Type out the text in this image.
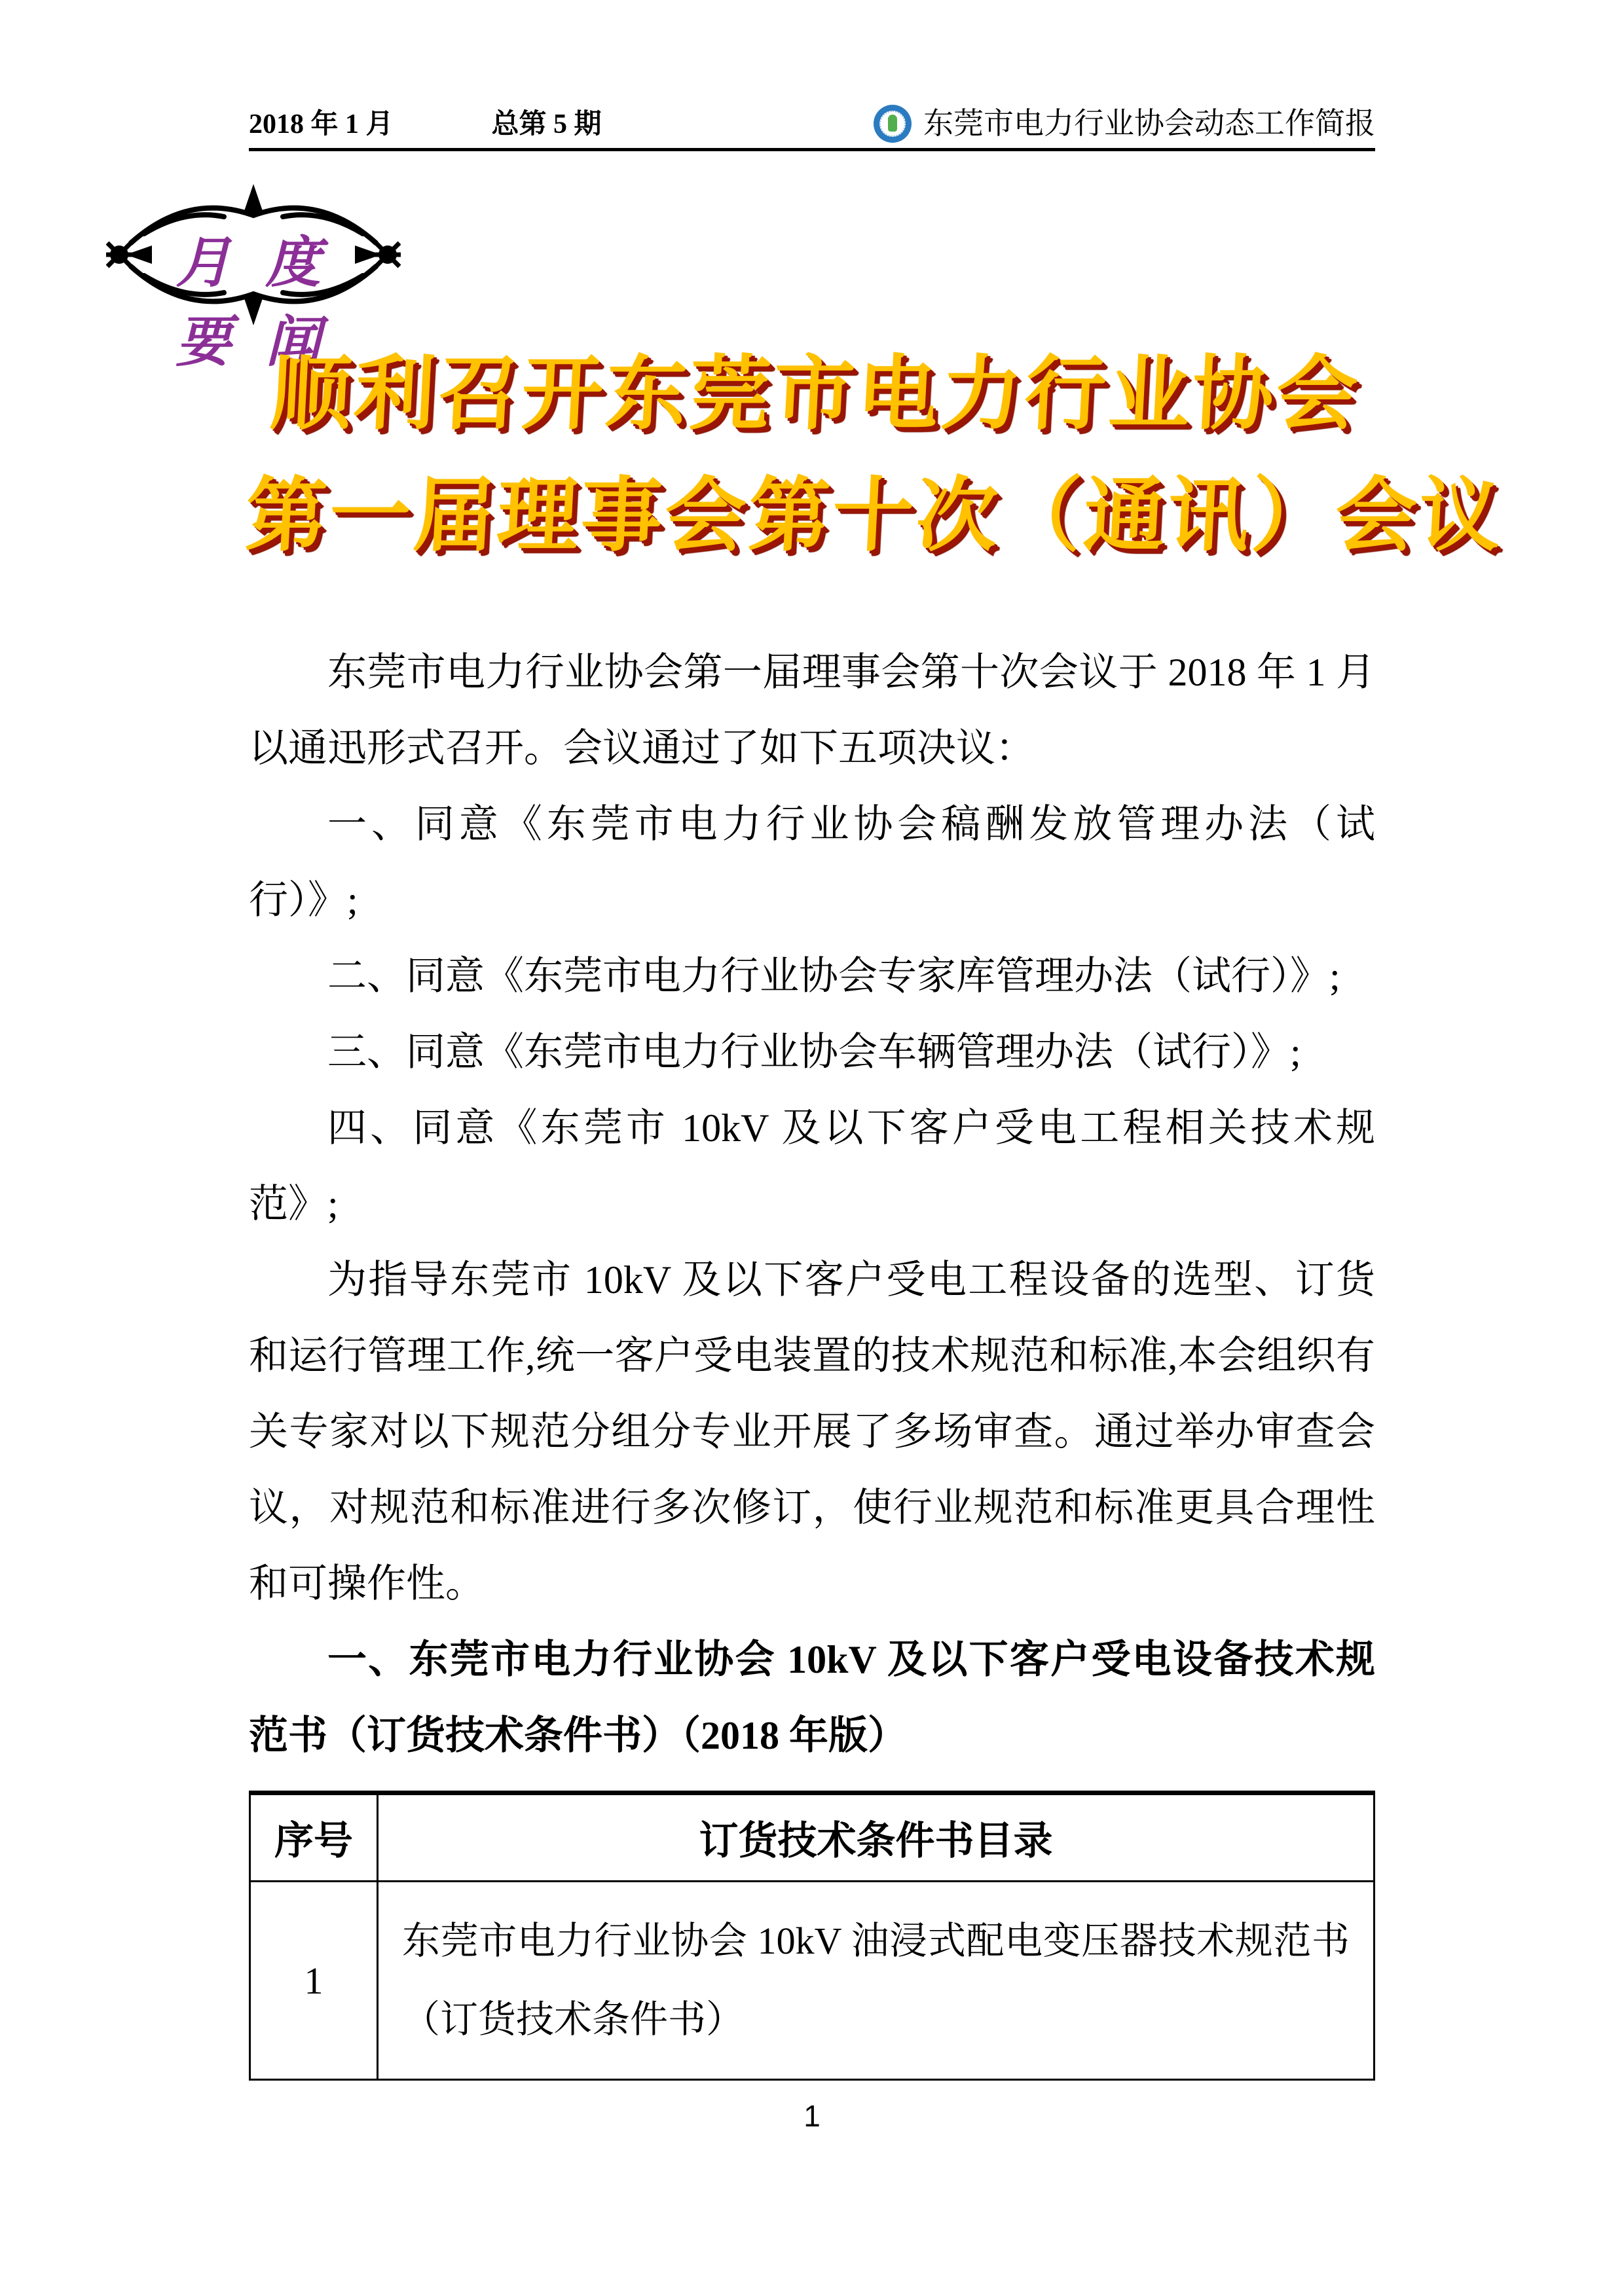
2018 年 1 月	总第 5 期	东莞市电力行业协会动态工作简报
月 度 要 闻
顺利召开东莞市电力行业协会
第一届理事会第十次（通讯）会议

东莞市电力行业协会第一届理事会第十次会议于 2018 年 1 月以通迅形式召开。会议通过了如下五项决议：

一、同意《东莞市电力行业协会稿酬发放管理办法（试行）》;

二、同意《东莞市电力行业协会专家库管理办法（试行）》;

三、同意《东莞市电力行业协会车辆管理办法（试行）》;

四、同意《东莞市 10kV 及以下客户受电工程相关技术规范》;

为指导东莞市 10kV 及以下客户受电工程设备的选型、订货和运行管理工作,统一客户受电装置的技术规范和标准,本会组织有关专家对以下规范分组分专业开展了多场审查。通过举办审查会议，对规范和标准进行多次修订，使行业规范和标准更具合理性和可操作性。

一、东莞市电力行业协会 10kV 及以下客户受电设备技术规范书（订货技术条件书）（2018 年版）

序号	订货技术条件书目录
1	东莞市电力行业协会 10kV 油浸式配电变压器技术规范书（订货技术条件书）
1
